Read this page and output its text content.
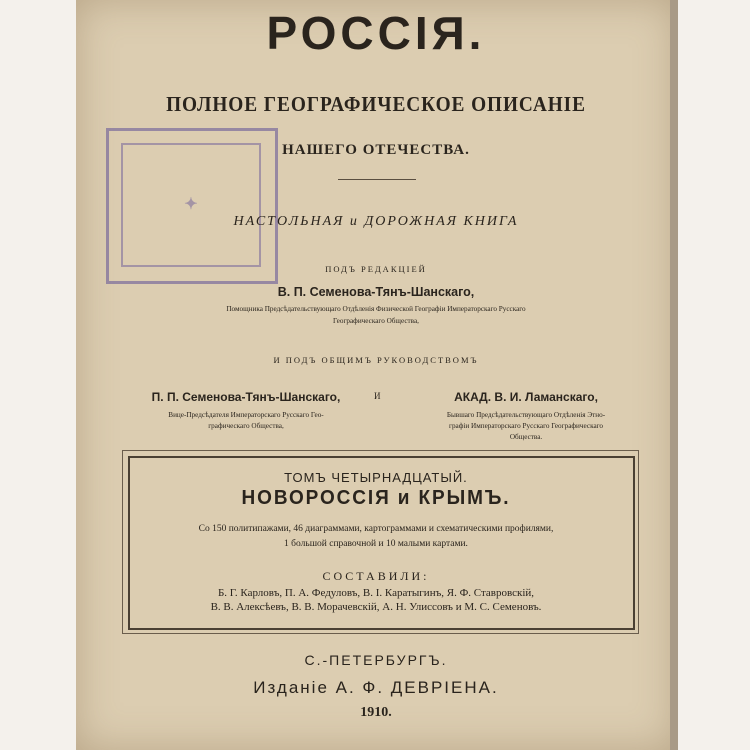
✦
РОССІЯ.
ПОЛНОЕ ГЕОГРАФИЧЕСКОЕ ОПИСАНІЕ
НАШЕГО ОТЕЧЕСТВА.
НАСТОЛЬНАЯ и ДОРОЖНАЯ КНИГА
ПОДЪ РЕДАКЦІЕЙ
В. П. Семенова-Тянъ-Шанскаго,
Помощника Предсѣдательствующаго Отдѣленія Физической Географіи Императорскаго Русскаго
Географическаго Общества,
И ПОДЪ ОБЩИМЪ РУКОВОДСТВОМЪ
П. П. Семенова-Тянъ-Шанскаго,
Вице-Предсѣдателя Императорскаго Русскаго Гео-
графическаго Общества,
И	АКАД. В. И. Ламанскаго,
Бывшаго Предсѣдательствующаго Отдѣленія Этно-
графіи Императорскаго Русскаго Географическаго
Общества.
ТОМЪ ЧЕТЫРНАДЦАТЫЙ.
НОВОРОССІЯ и КРЫМЪ.
Со 150 политипажами, 46 диаграммами, картограммами и схематическими профилями,
1 большой справочной и 10 малыми картами.
СОСТАВИЛИ:
Б. Г. Карловъ, П. А. Федуловъ, В. І. Каратыгинъ, Я. Ф. Ставровскій,
В. В. Алексѣевъ, В. В. Морачевскій, А. Н. Улиссовъ и М. С. Семеновъ.
С.-ПЕТЕРБУРГЪ.
Изданіе А. Ф. ДЕВРІЕНА.
1910.
